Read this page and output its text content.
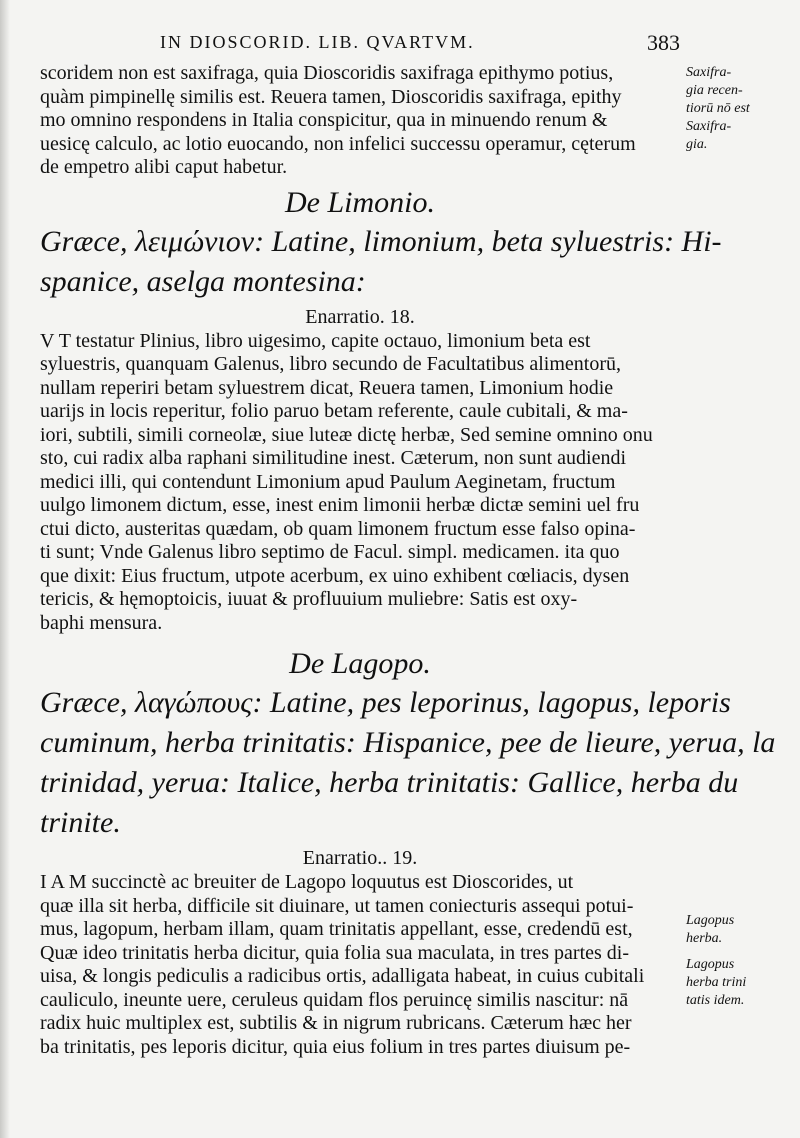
IN DIOSCORID. LIB. QVARTVM.	383
scoridem non est saxifraga, quia Dioscoridis saxifraga epithymo potius,
quàm pimpinellę similis est. Reuera tamen, Dioscoridis saxifraga, epithy
mo omnino respondens in Italia conspicitur, qua in minuendo renum &
uesicę calculo, ac lotio euocando, non infelici successu operamur, cęterum
de empetro alibi caput habetur.
De Limonio.
Græce, λειμώνιον: Latine, limonium, beta syluestris: Hi-
spanice, aselga montesina:
Enarratio. 18.
V T testatur Plinius, libro uigesimo, capite octauo, limonium beta est
syluestris, quanquam Galenus, libro secundo de Facultatibus alimentorū,
nullam reperiri betam syluestrem dicat, Reuera tamen, Limonium hodie
uarijs in locis reperitur, folio paruo betam referente, caule cubitali, & ma-
iori, subtili, simili corneolæ, siue luteæ dictę herbæ, Sed semine omnino onu
sto, cui radix alba raphani similitudine inest. Cæterum, non sunt audiendi
medici illi, qui contendunt Limonium apud Paulum Aeginetam, fructum
uulgo limonem dictum, esse, inest enim limonii herbæ dictæ semini uel fru
ctui dicto, austeritas quædam, ob quam limonem fructum esse falso opina-
ti sunt; Vnde Galenus libro septimo de Facul. simpl. medicamen. ita quo
que dixit: Eius fructum, utpote acerbum, ex uino exhibent cœliacis, dysen
tericis, & hęmoptoicis, iuuat & profluuium muliebre: Satis est oxy-
baphi mensura.
De Lagopo.
Græce, λαγώπους: Latine, pes leporinus, lagopus, leporis
cuminum, herba trinitatis: Hispanice, pee de lieure, yerua, la
trinidad, yerua: Italice, herba trinitatis: Gallice, herba du
trinite.
Enarratio.. 19.
I A M succinctè ac breuiter de Lagopo loquutus est Dioscorides, ut
quæ illa sit herba, difficile sit diuinare, ut tamen coniecturis assequi potui-
mus, lagopum, herbam illam, quam trinitatis appellant, esse, credendū est,
Quæ ideo trinitatis herba dicitur, quia folia sua maculata, in tres partes di-
uisa, & longis pediculis a radicibus ortis, adalligata habeat, in cuius cubitali
cauliculo, ineunte uere, ceruleus quidam flos peruincę similis nascitur: nā
radix huic multiplex est, subtilis & in nigrum rubricans. Cæterum hæc her
ba trinitatis, pes leporis dicitur, quia eius folium in tres partes diuisum pe-
Saxifra-
gia recen-
tiorū nō est
Saxifra-
gia.
Lagopus
herba.
Lagopus
herba trini
tatis idem.
